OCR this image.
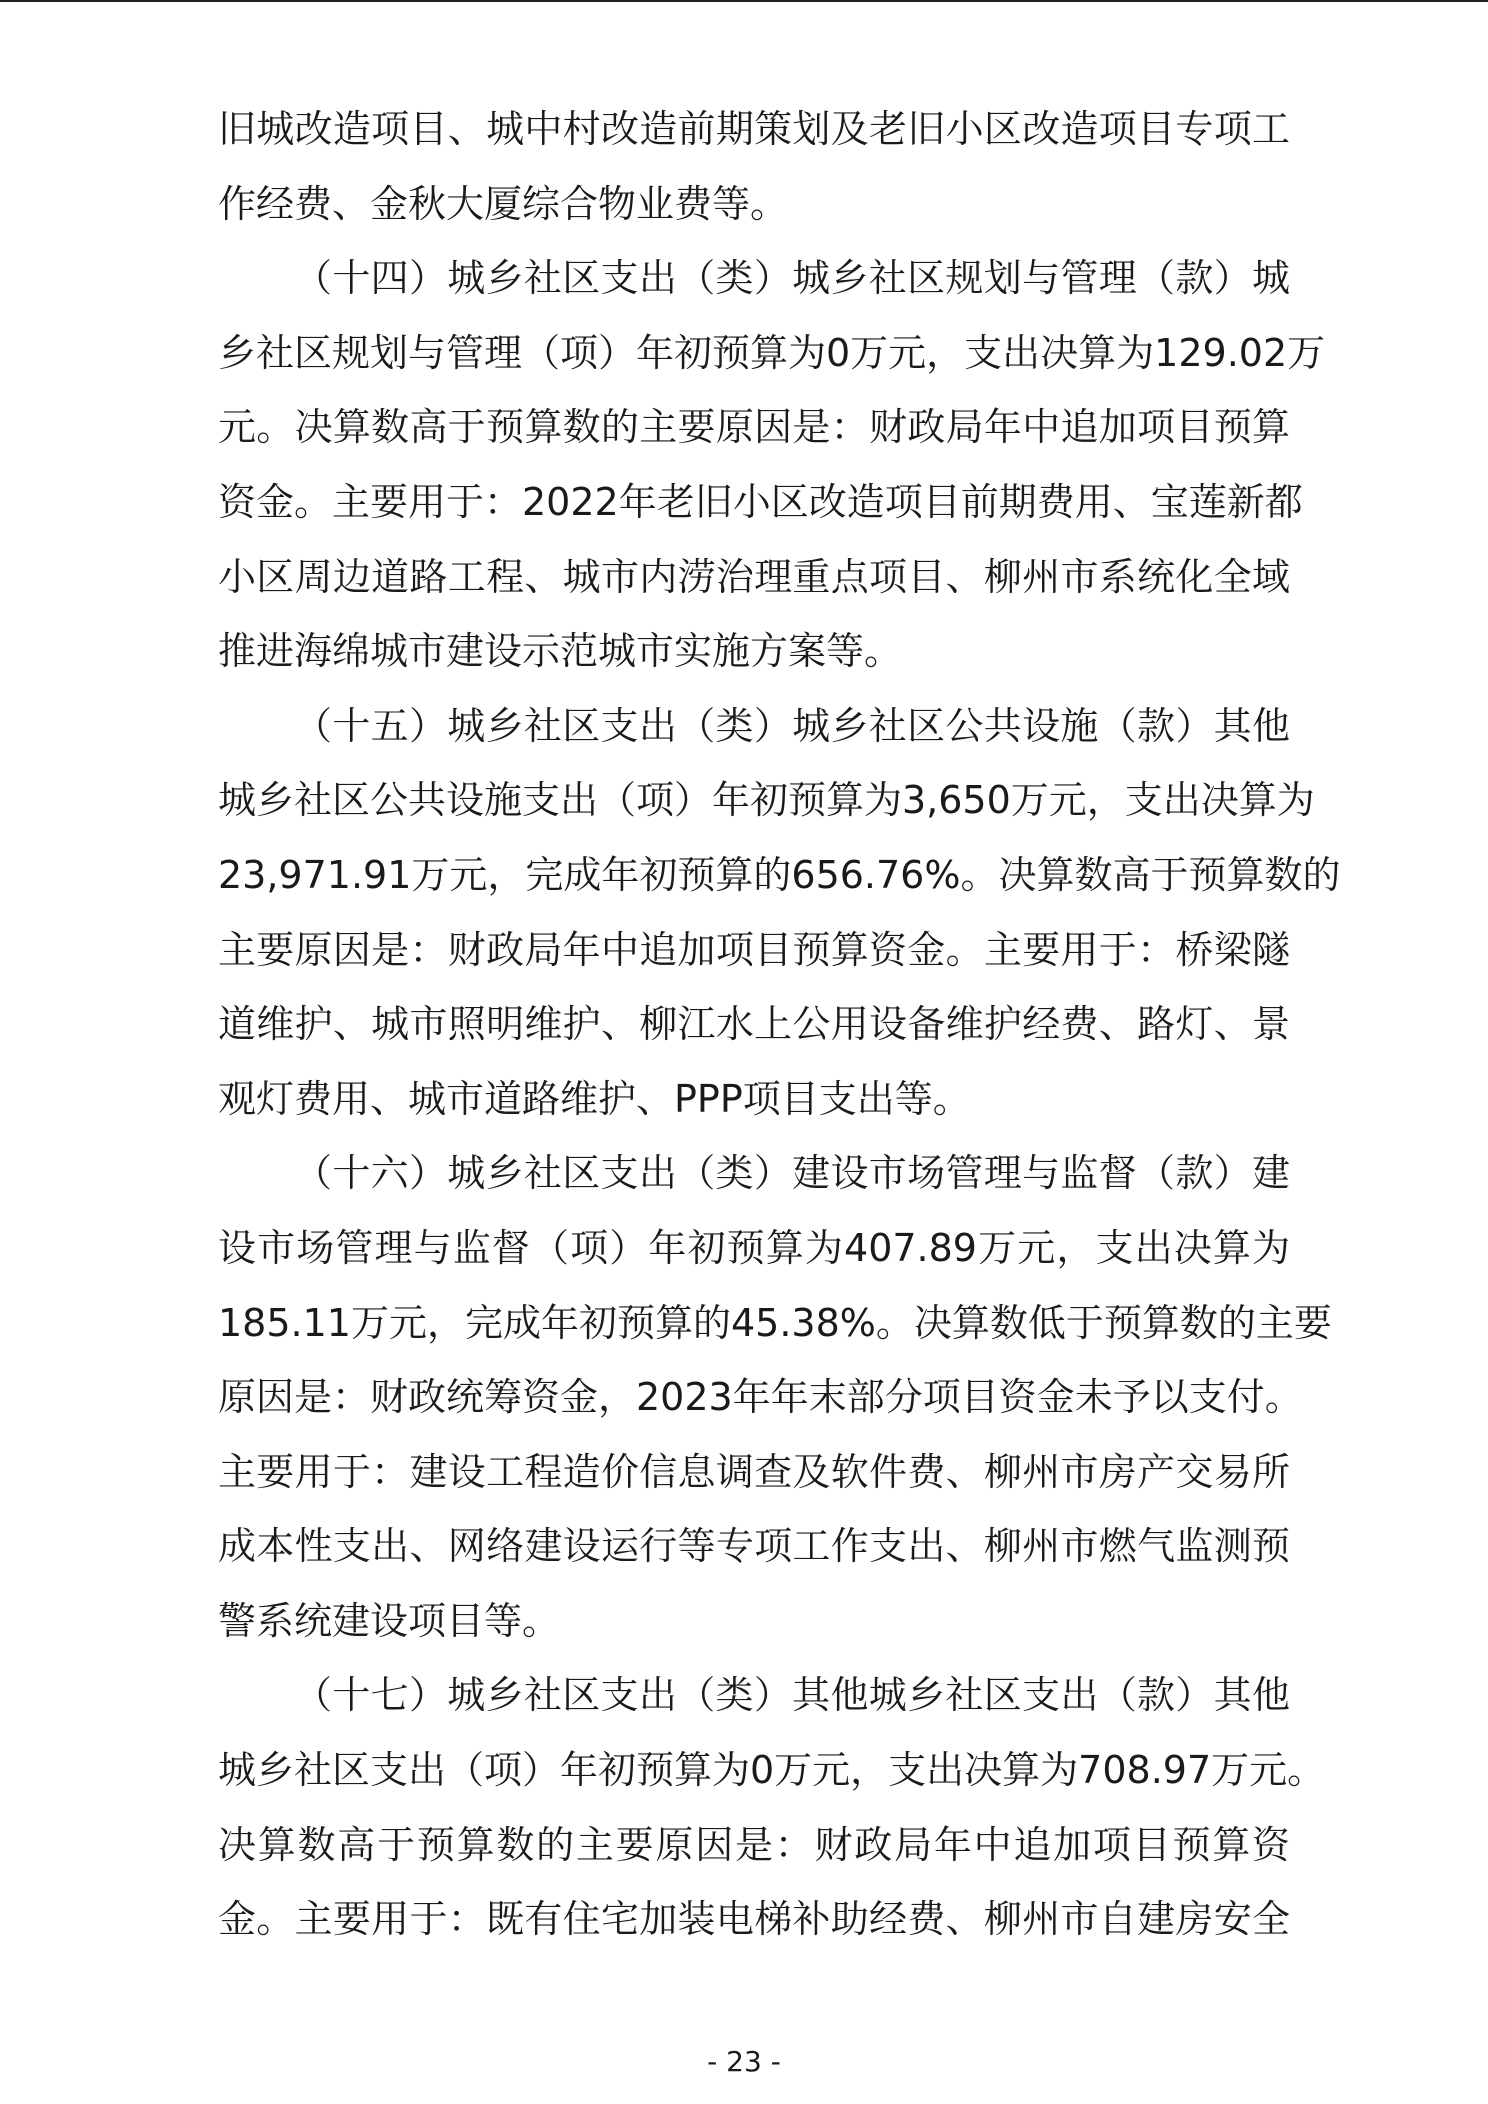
旧城改造项目、城中村改造前期策划及老旧小区改造项目专项工
作经费、金秋大厦综合物业费等。
（十四）城乡社区支出（类）城乡社区规划与管理（款）城
乡社区规划与管理（项）年初预算为0万元，支出决算为129.02万
元。决算数高于预算数的主要原因是：财政局年中追加项目预算
资金。主要用于：2022年老旧小区改造项目前期费用、宝莲新都
小区周边道路工程、城市内涝治理重点项目、柳州市系统化全域
推进海绵城市建设示范城市实施方案等。
（十五）城乡社区支出（类）城乡社区公共设施（款）其他
城乡社区公共设施支出（项）年初预算为3,650万元，支出决算为
23,971.91万元，完成年初预算的656.76%。决算数高于预算数的
主要原因是：财政局年中追加项目预算资金。主要用于：桥梁隧
道维护、城市照明维护、柳江水上公用设备维护经费、路灯、景
观灯费用、城市道路维护、PPP项目支出等。
（十六）城乡社区支出（类）建设市场管理与监督（款）建
设市场管理与监督（项）年初预算为407.89万元，支出决算为
185.11万元，完成年初预算的45.38%。决算数低于预算数的主要
原因是：财政统筹资金，2023年年末部分项目资金未予以支付。
主要用于：建设工程造价信息调查及软件费、柳州市房产交易所
成本性支出、网络建设运行等专项工作支出、柳州市燃气监测预
警系统建设项目等。
（十七）城乡社区支出（类）其他城乡社区支出（款）其他
城乡社区支出（项）年初预算为0万元，支出决算为708.97万元。
决算数高于预算数的主要原因是：财政局年中追加项目预算资
金。主要用于：既有住宅加装电梯补助经费、柳州市自建房安全
- 23 -
